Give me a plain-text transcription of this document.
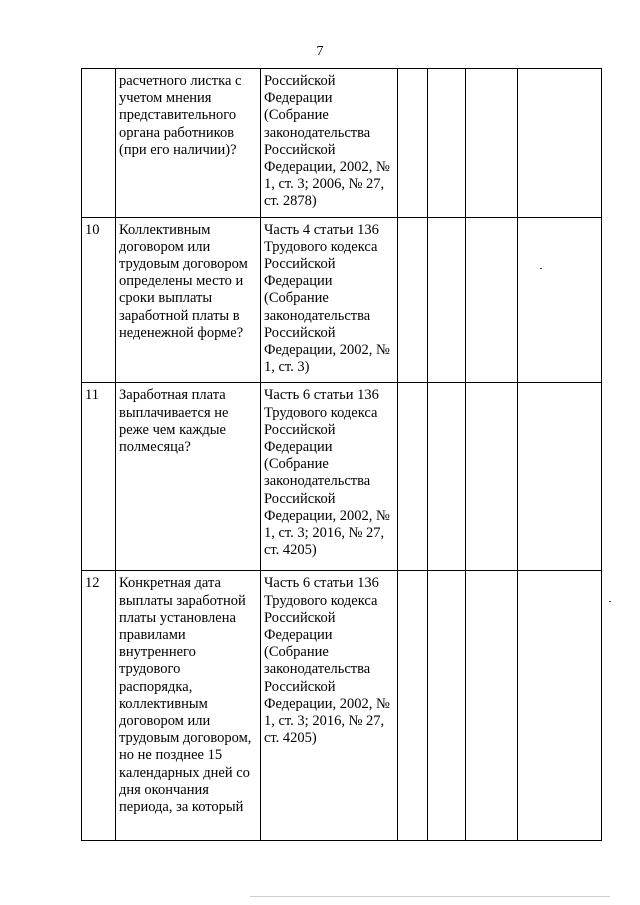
7
	расчетного листка с учетом мнения представительного органа работников (при его наличии)?	Российской Федерации (Собрание законодательства Российской Федерации, 2002, № 1, ст. 3; 2006, № 27, ст. 2878)				
10	Коллективным договором или трудовым договором определены место и сроки выплаты заработной платы в неденежной форме?	Часть 4 статьи 136 Трудового кодекса Российской Федерации (Собрание законодательства Российской Федерации, 2002, № 1, ст. 3)				
11	Заработная плата выплачивается не реже чем каждые полмесяца?	Часть 6 статьи 136 Трудового кодекса Российской Федерации (Собрание законодательства Российской Федерации, 2002, № 1, ст. 3; 2016, № 27, ст. 4205)				
12	Конкретная дата выплаты заработной платы установлена правилами внутреннего трудового распорядка, коллективным договором или трудовым договором, но не позднее 15 календарных дней со дня окончания периода, за который	Часть 6 статьи 136 Трудового кодекса Российской Федерации (Собрание законодательства Российской Федерации, 2002, № 1, ст. 3; 2016, № 27, ст. 4205)				
